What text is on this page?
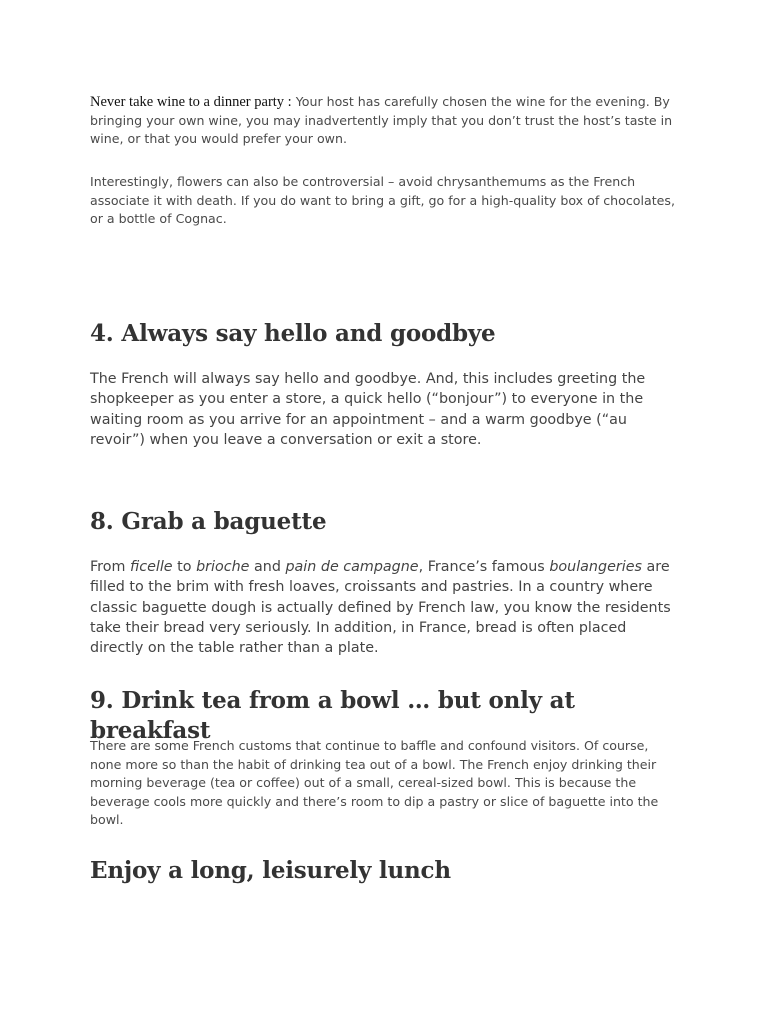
Never take wine to a dinner party : Your host has carefully chosen the wine for the evening. By bringing your own wine, you may inadvertently imply that you don’t trust the host’s taste in wine, or that you would prefer your own.

Interestingly, flowers can also be controversial – avoid chrysanthemums as the French associate it with death. If you do want to bring a gift, go for a high-quality box of chocolates, or a bottle of Cognac.

4. Always say hello and goodbye

The French will always say hello and goodbye. And, this includes greeting the shopkeeper as you enter a store, a quick hello (“bonjour”) to everyone in the waiting room as you arrive for an appointment – and a warm goodbye (“au revoir”) when you leave a conversation or exit a store.

8. Grab a baguette

From ficelle to brioche and pain de campagne, France’s famous boulangeries are filled to the brim with fresh loaves, croissants and pastries. In a country where classic baguette dough is actually defined by French law, you know the residents take their bread very seriously. In addition, in France, bread is often placed directly on the table rather than a plate.

9. Drink tea from a bowl … but only at breakfast

There are some French customs that continue to baffle and confound visitors. Of course, none more so than the habit of drinking tea out of a bowl. The French enjoy drinking their morning beverage (tea or coffee) out of a small, cereal-sized bowl. This is because the beverage cools more quickly and there’s room to dip a pastry or slice of baguette into the bowl.

Enjoy a long, leisurely lunch
